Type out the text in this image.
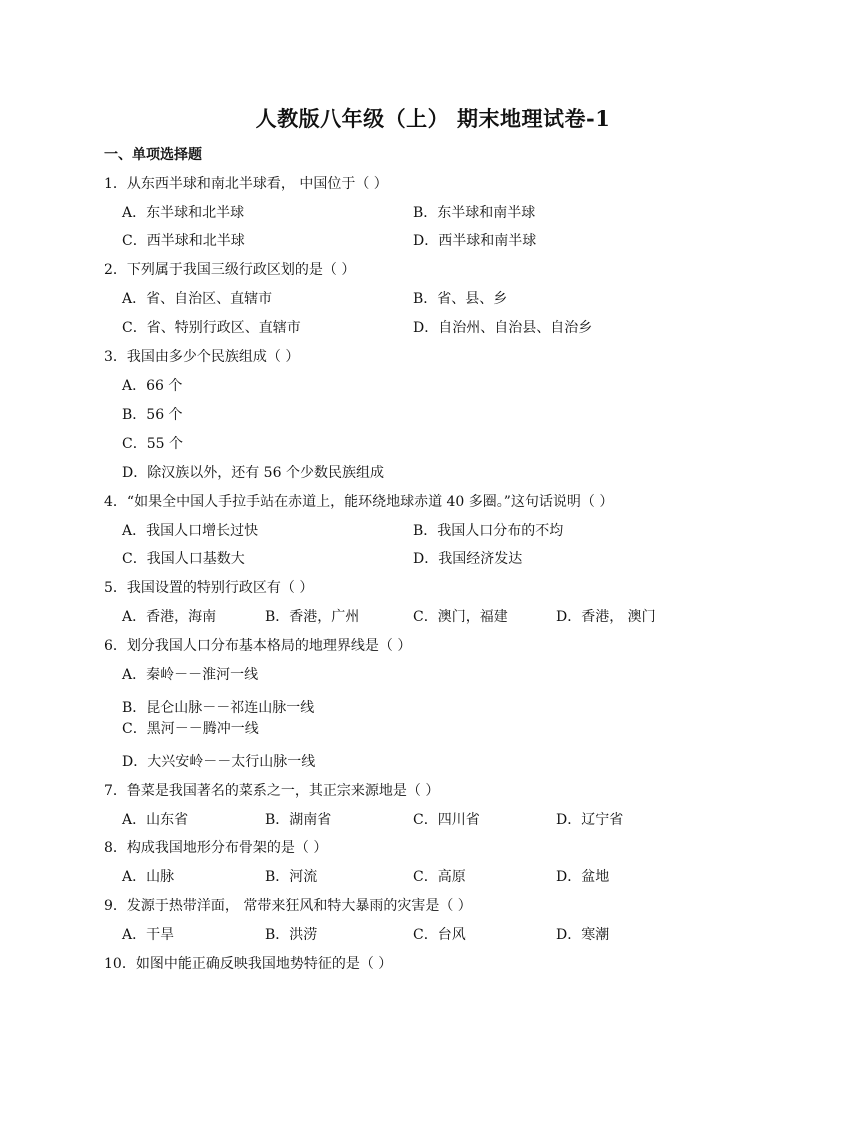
人教版八年级（上） 期末地理试卷-1
一、单项选择题
1．从东西半球和南北半球看， 中国位于（ ）
A．东半球和北半球	B．东半球和南半球
C．西半球和北半球	D．西半球和南半球
2．下列属于我国三级行政区划的是（ ）
A．省、自治区、直辖市	B．省、县、乡
C．省、特别行政区、直辖市	D．自治州、自治县、自治乡
3．我国由多少个民族组成（ ）
A．66 个
B．56 个
C．55 个
D．除汉族以外，还有 56 个少数民族组成
4．“如果全中国人手拉手站在赤道上，能环绕地球赤道 40 多圈。”这句话说明（ ）
A．我国人口增长过快	B．我国人口分布的不均
C．我国人口基数大	D．我国经济发达
5．我国设置的特别行政区有（ ）
A．香港，海南	B．香港，广州	C．澳门，福建	D．香港， 澳门
6．划分我国人口分布基本格局的地理界线是（ ）
A．秦岭－－淮河一线
B．昆仑山脉－－祁连山脉一线
C．黑河－－腾冲一线
D．大兴安岭－－太行山脉一线
7．鲁菜是我国著名的菜系之一，其正宗来源地是（ ）
A．山东省	B．湖南省	C．四川省	D．辽宁省
8．构成我国地形分布骨架的是（ ）
A．山脉	B．河流	C．高原	D．盆地
9．发源于热带洋面， 常带来狂风和特大暴雨的灾害是（ ）
A．干旱	B．洪涝	C．台风	D．寒潮
10．如图中能正确反映我国地势特征的是（ ）
